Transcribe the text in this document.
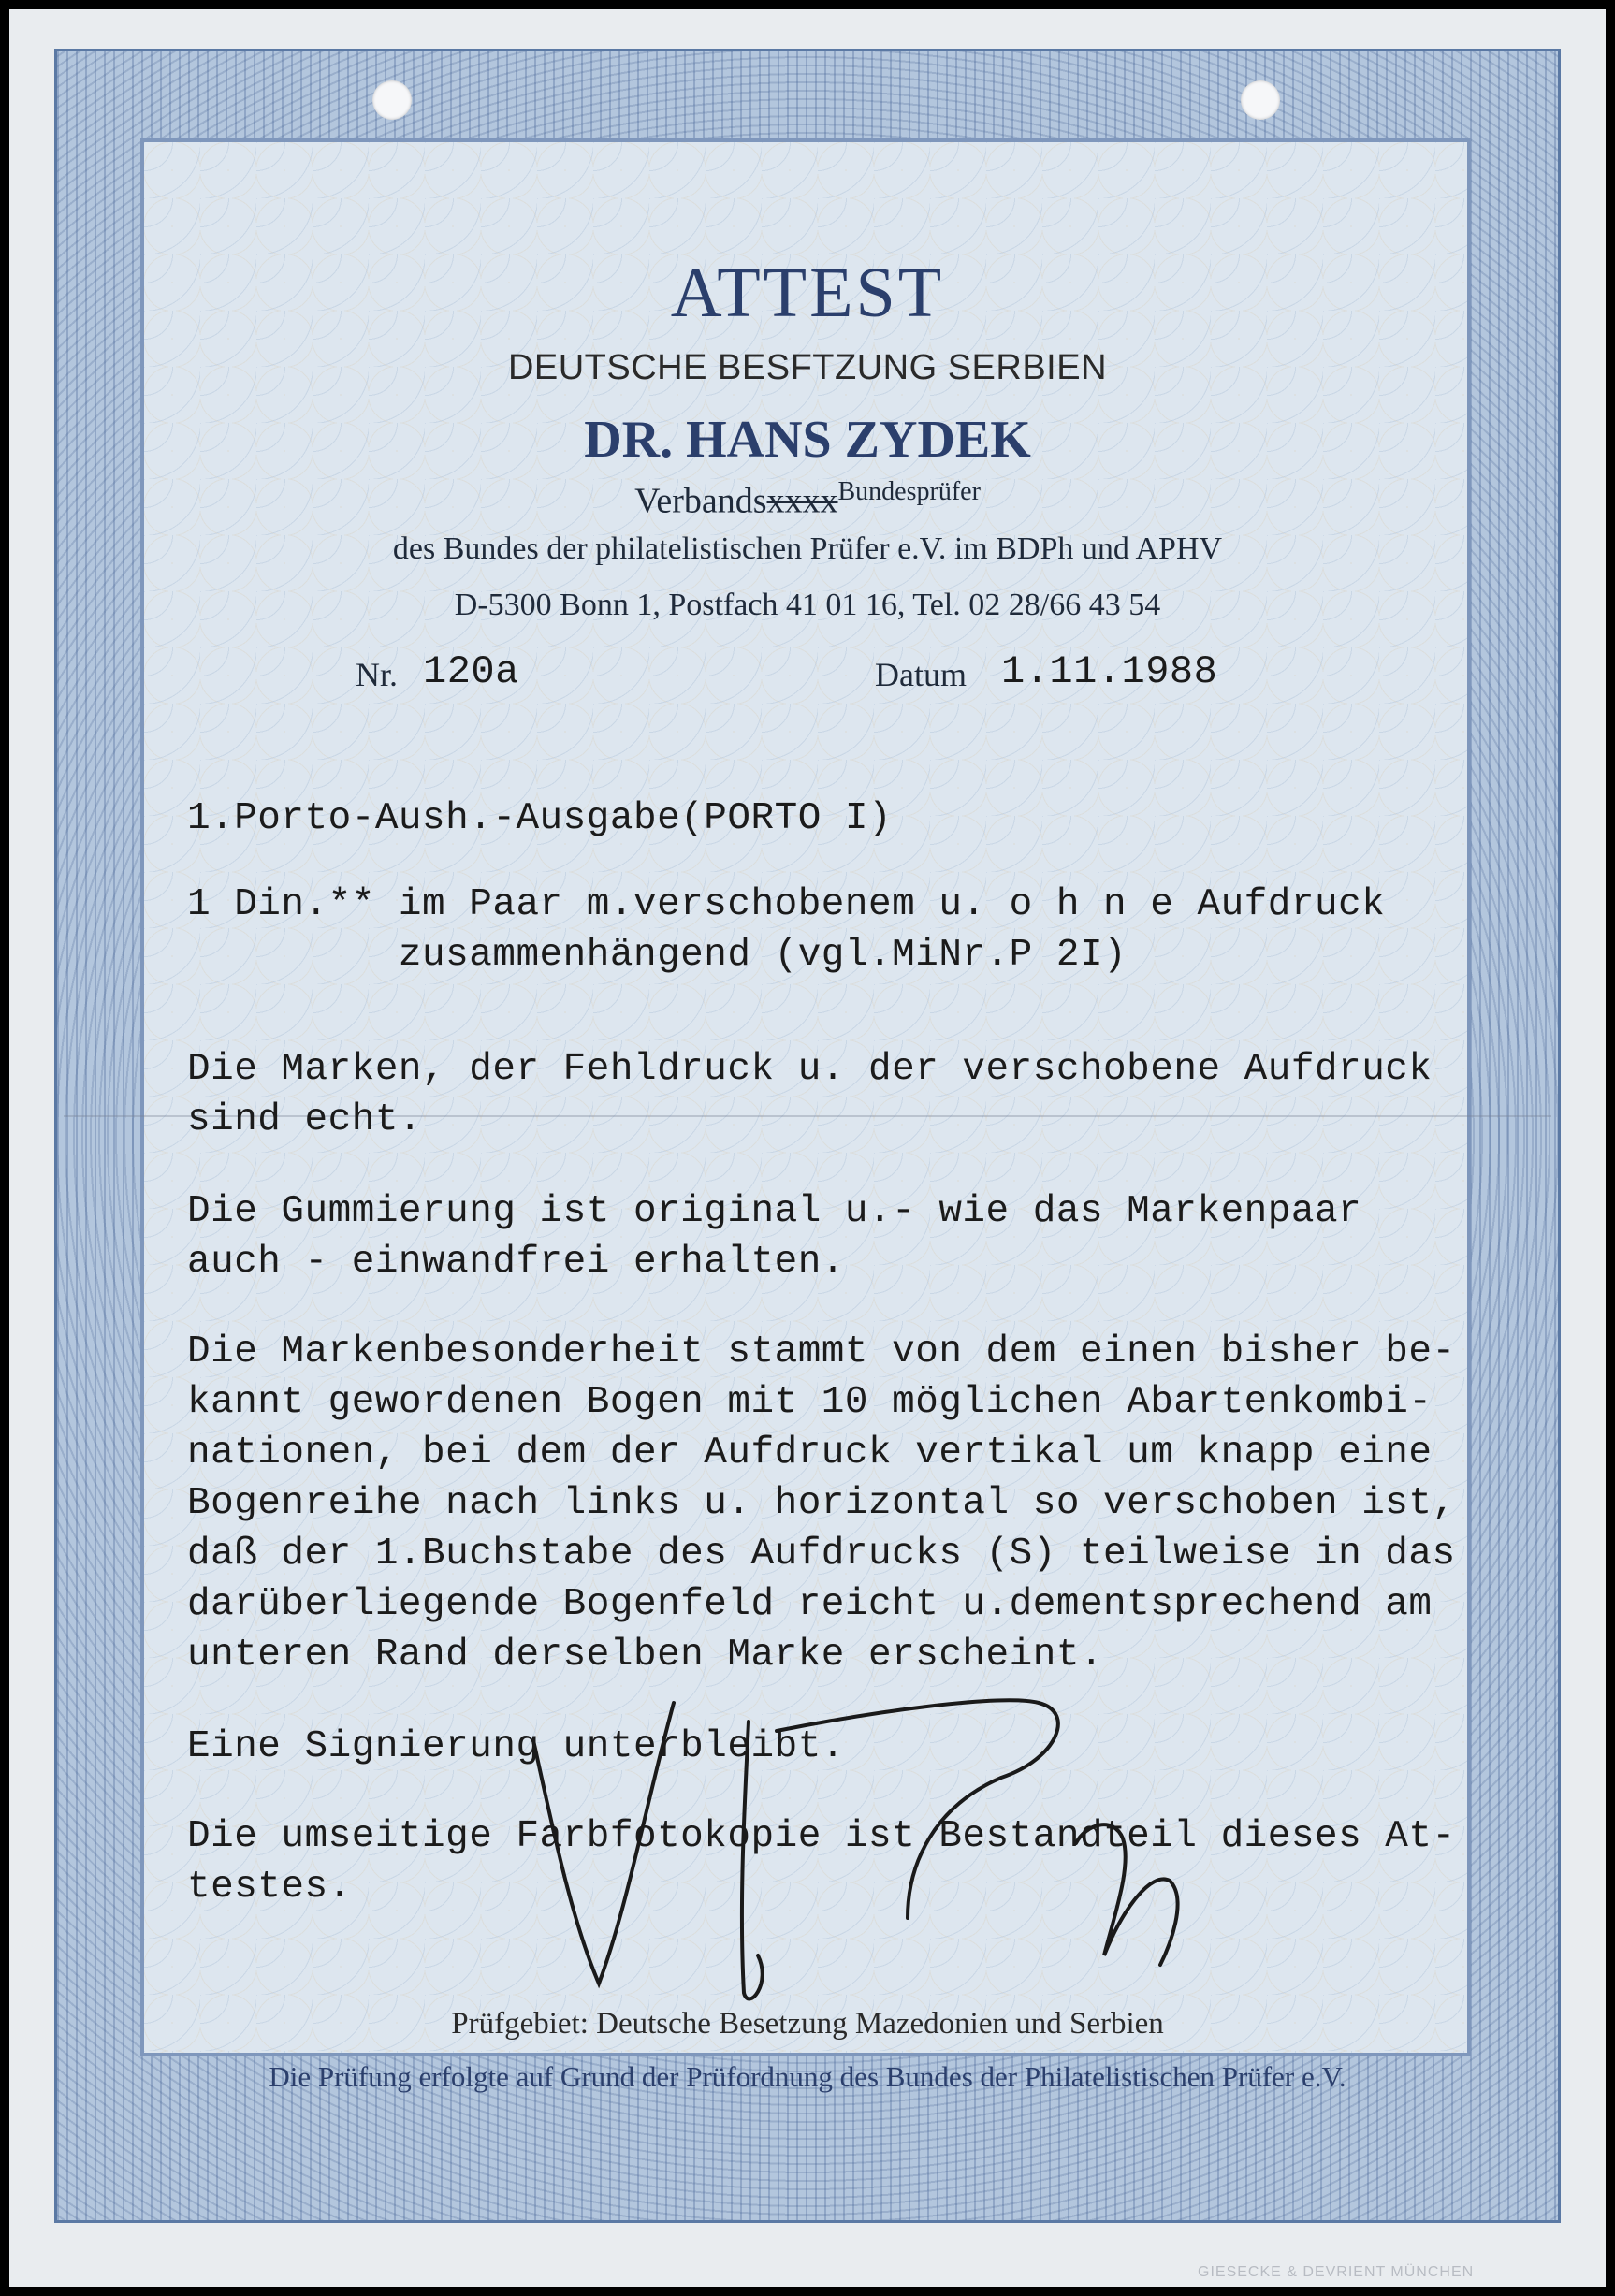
ATTEST
DEUTSCHE BESFTZUNG SERBIEN
DR. HANS ZYDEK
Verbandsxxxx$^{Bundesprüfer}$
des Bundes der philatelistischen Prüfer e.V. im BDPh und APHV
D-5300 Bonn 1, Postfach 41 01 16, Tel. 02 28/66 43 54
Nr. 120a	Datum 1.11.1988
1.Porto-Aush.-Ausgabe(PORTO I)
1 Din.** im Paar m.verschobenem u. o h n e Aufdruck
zusammenhängend (vgl.MiNr.P 2I)
Die Marken, der Fehldruck u. der verschobene Aufdruck
sind echt.
Die Gummierung ist original u.- wie das Markenpaar
auch - einwandfrei erhalten.
Die Markenbesonderheit stammt von dem einen bisher be-
kannt gewordenen Bogen mit 10 möglichen Abartenkombi-
nationen, bei dem der Aufdruck vertikal um knapp eine
Bogenreihe nach links u. horizontal so verschoben ist,
daß der 1.Buchstabe des Aufdrucks (S) teilweise in das
darüberliegende Bogenfeld reicht u.dementsprechend am
unteren Rand derselben Marke erscheint.
Eine Signierung unterbleibt.
Die umseitige Farbfotokopie ist Bestandteil dieses At-
testes.
Prüfgebiet: Deutsche Besetzung Mazedonien und Serbien
Die Prüfung erfolgte auf Grund der Prüfordnung des Bundes der Philatelistischen Prüfer e.V.
GIESECKE & DEVRIENT MÜNCHEN
